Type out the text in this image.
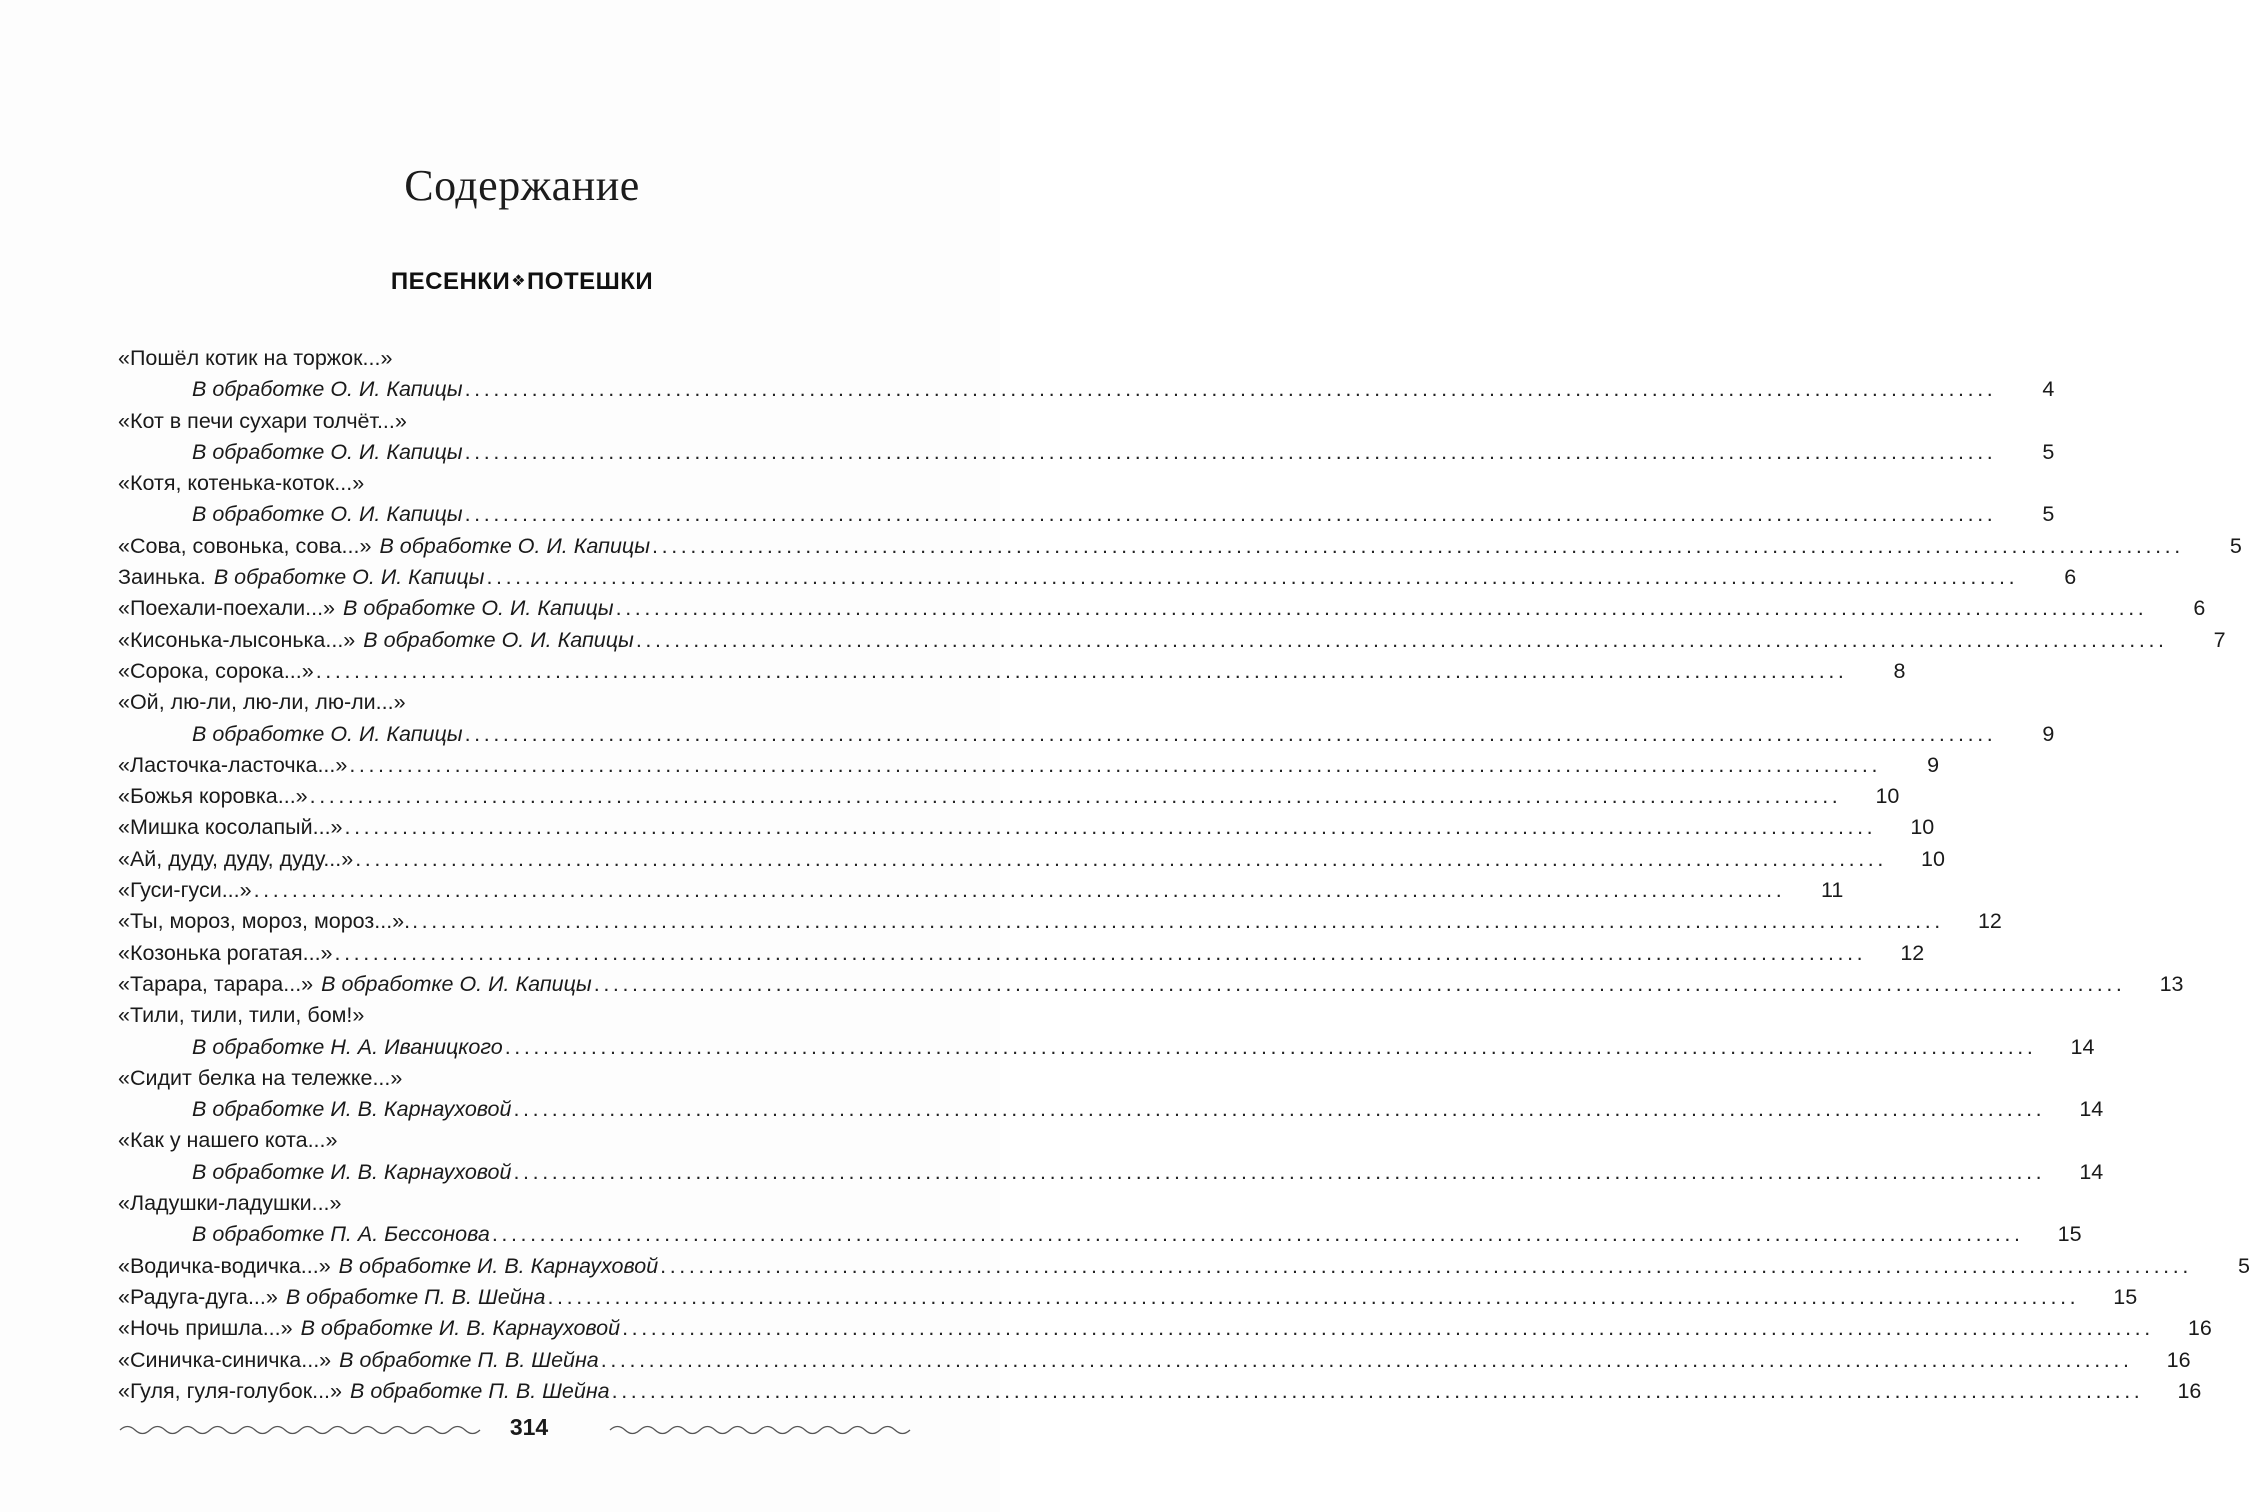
Содержание
ПЕСЕНКИ❖ПОТЕШКИ
«Пошёл котик на торжок...»
В обработке О. И. Капицы ................................................................................................................................................................	4
«Кот в печи сухари толчёт...»
В обработке О. И. Капицы ................................................................................................................................................................	5
«Котя, котенька-коток...»
В обработке О. И. Капицы ................................................................................................................................................................	5
«Сова, совонька, сова...» В обработке О. И. Капицы ................................................................................................................................................................	5
Заинька. В обработке О. И. Капицы ................................................................................................................................................................	6
«Поехали-поехали...» В обработке О. И. Капицы ................................................................................................................................................................	6
«Кисонька-лысонька...» В обработке О. И. Капицы ................................................................................................................................................................	7
«Сорока, сорока...» ................................................................................................................................................................	8
«Ой, лю-ли, лю-ли, лю-ли...»
В обработке О. И. Капицы ................................................................................................................................................................	9
«Ласточка-ласточка...» ................................................................................................................................................................	9
«Божья коровка...» ................................................................................................................................................................	10
«Мишка косолапый...» ................................................................................................................................................................	10
«Ай, дуду, дуду, дуду...» ................................................................................................................................................................	10
«Гуси-гуси...» ................................................................................................................................................................	11
«Ты, мороз, мороз, мороз...». ................................................................................................................................................................	12
«Козонька рогатая...» ................................................................................................................................................................	12
«Тарара, тарара...» В обработке О. И. Капицы ................................................................................................................................................................	13
«Тили, тили, тили, бом!»
В обработке Н. А. Иваницкого ................................................................................................................................................................	14
«Сидит белка на тележке...»
В обработке И. В. Карнауховой ................................................................................................................................................................	14
«Как у нашего кота...»
В обработке И. В. Карнауховой ................................................................................................................................................................	14
«Ладушки-ладушки...»
В обработке П. А. Бессонова ................................................................................................................................................................	15
«Водичка-водичка...» В обработке И. В. Карнауховой ................................................................................................................................................................	5
«Радуга-дуга...» В обработке П. В. Шейна ................................................................................................................................................................	15
«Ночь пришла...» В обработке И. В. Карнауховой ................................................................................................................................................................	16
«Синичка-синичка...» В обработке П. В. Шейна ................................................................................................................................................................	16
«Гуля, гуля-голубок...» В обработке П. В. Шейна ................................................................................................................................................................	16
314
